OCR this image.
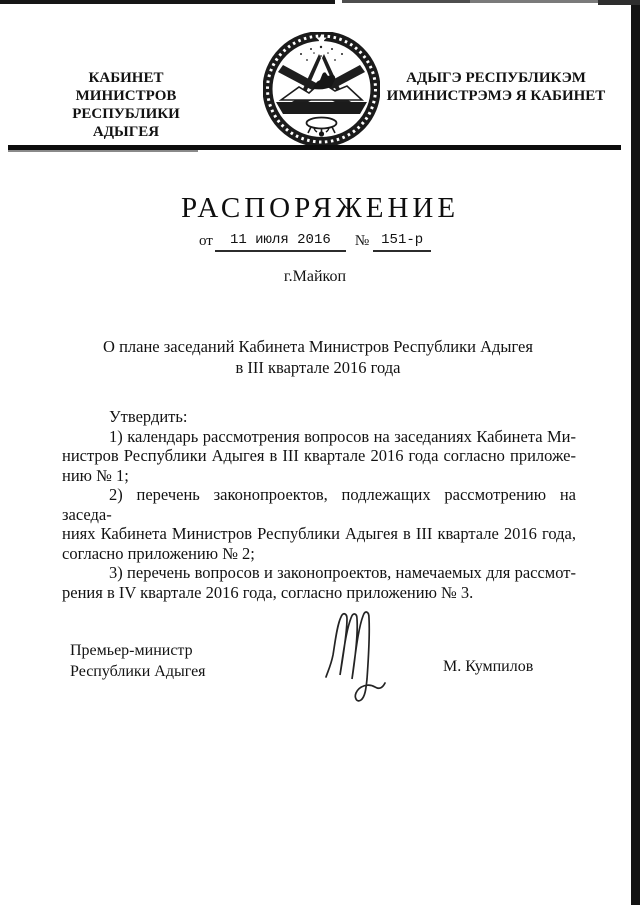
КАБИНЕТ МИНИСТРОВ
РЕСПУБЛИКИ АДЫГЕЯ
АДЫГЭ РЕСПУБЛИКЭМ
ИМИНИСТРЭМЭ Я КАБИНЕТ
РАСПОРЯЖЕНИЕ
от	11 июля 2016	№ 151-р
г.Майкоп
О плане заседаний Кабинета Министров Республики Адыгея
в III квартале 2016 года
Утвердить:
1) календарь рассмотрения вопросов на заседаниях Кабинета Ми-
нистров Республики Адыгея в III квартале 2016 года согласно приложе-
нию № 1;
2) перечень законопроектов, подлежащих рассмотрению на заседа-
ниях Кабинета Министров Республики Адыгея в III квартале 2016 года,
согласно приложению № 2;
3) перечень вопросов и законопроектов, намечаемых для рассмот-
рения в IV квартале 2016 года, согласно приложению № 3.
Премьер-министр
Республики Адыгея	М. Кумпилов
